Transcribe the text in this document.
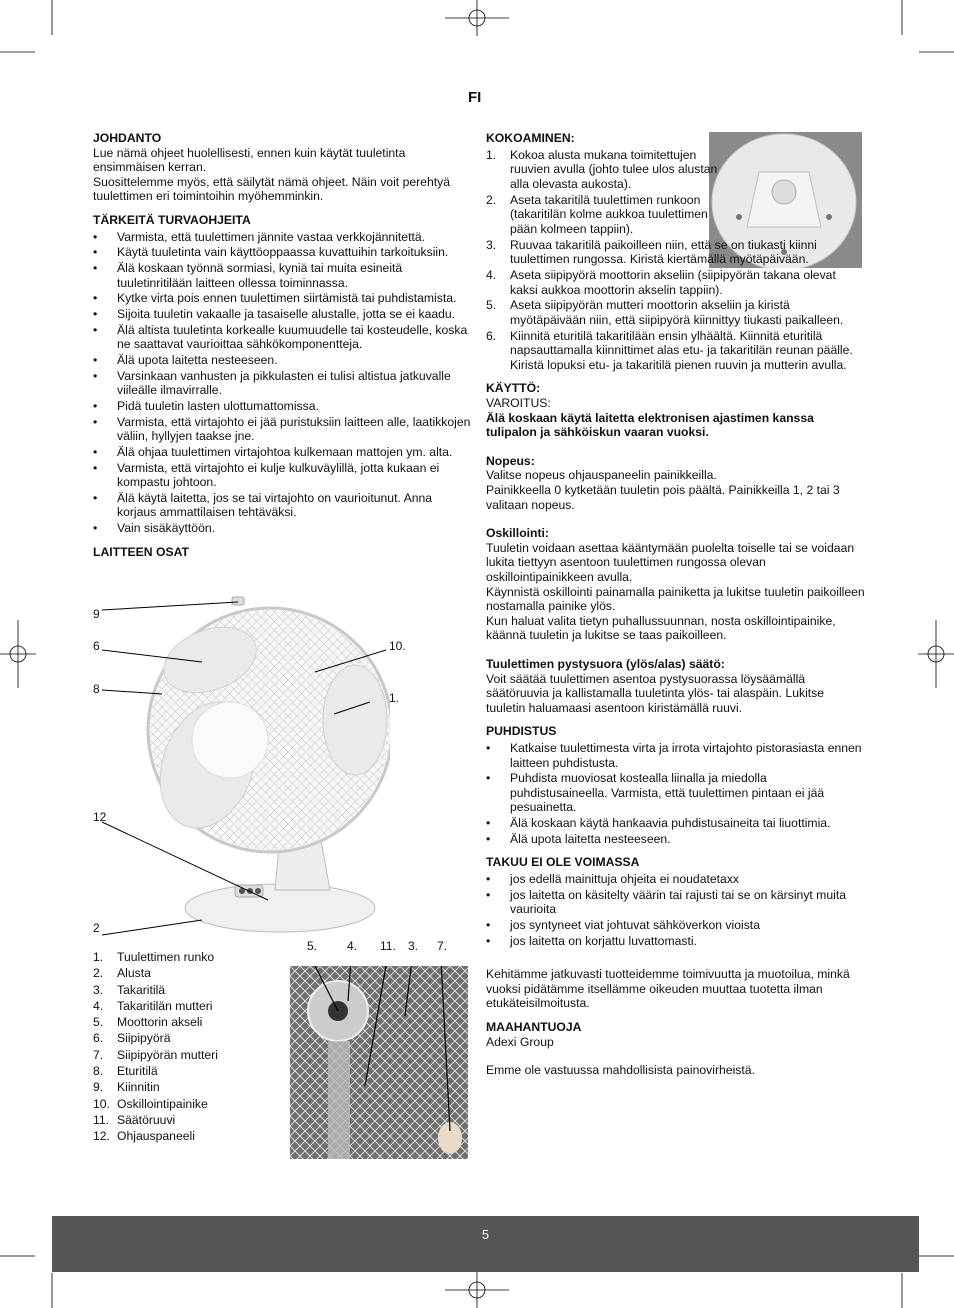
FI
JOHDANTO

Lue nämä ohjeet huolellisesti, ennen kuin käytät tuuletinta ensimmäisen kerran.

Suosittelemme myös, että säilytät nämä ohjeet. Näin voit perehtyä tuulettimen eri toimintoihin myöhemminkin.

TÄRKEITÄ TURVAOHJEITA
• Varmista, että tuulettimen jännite vastaa verkkojännitettä.
• Käytä tuuletinta vain käyttöoppaassa kuvattuihin tarkoituksiin.
• Älä koskaan työnnä sormiasi, kyniä tai muita esineitä tuuletinritilään laitteen ollessa toiminnassa.
• Kytke virta pois ennen tuulettimen siirtämistä tai puhdistamista.
• Sijoita tuuletin vakaalle ja tasaiselle alustalle, jotta se ei kaadu.
• Älä altista tuuletinta korkealle kuumuudelle tai kosteudelle, koska ne saattavat vaurioittaa sähkökomponentteja.
• Älä upota laitetta nesteeseen.
• Varsinkaan vanhusten ja pikkulasten ei tulisi altistua jatkuvalle viileälle ilmavirralle.
• Pidä tuuletin lasten ulottumattomissa.
• Varmista, että virtajohto ei jää puristuksiin laitteen alle, laatikkojen väliin, hyllyjen taakse jne.
• Älä ohjaa tuulettimen virtajohtoa kulkemaan mattojen ym. alta.
• Varmista, että virtajohto ei kulje kulkuväylillä, jotta kukaan ei kompastu johtoon.
• Älä käytä laitetta, jos se tai virtajohto on vaurioitunut. Anna korjaus ammattilaisen tehtäväksi.
• Vain sisäkäyttöön.
LAITTEEN OSAT
9
6
8
10.
1.
12
2
1. Tuulettimen runko
2. Alusta
3. Takaritilä
4. Takaritilän mutteri
5. Moottorin akseli
6. Siipipyörä
7. Siipipyörän mutteri
8. Eturitilä
9. Kiinnitin
10. Oskillointipainike
11. Säätöruuvi
12. Ohjauspaneeli
5. 4. 11. 3. 7.
KOKOAMINEN:
1. Kokoa alusta mukana toimitettujen ruuvien avulla (johto tulee ulos alustan alla olevasta aukosta).
2. Aseta takaritilä tuulettimen runkoon (takaritilän kolme aukkoa tuulettimen pään kolmeen tappiin).
3. Ruuvaa takaritilä paikoilleen niin, että se on tiukasti kiinni tuulettimen rungossa. Kiristä kiertämällä myötäpäivään.
4. Aseta siipipyörä moottorin akseliin (siipipyörän takana olevat kaksi aukkoa moottorin akselin tappiin).
5. Aseta siipipyörän mutteri moottorin akseliin ja kiristä myötäpäivään niin, että siipipyörä kiinnittyy tiukasti paikalleen.
6. Kiinnitä eturitilä takaritilään ensin ylhäältä. Kiinnitä eturitilä napsauttamalla kiinnittimet alas etu- ja takaritilän reunan päälle. Kiristä lopuksi etu- ja takaritilä pienen ruuvin ja mutterin avulla.
KÄYTTÖ:

VAROITUS:

Älä koskaan käytä laitetta elektronisen ajastimen kanssa tulipalon ja sähköiskun vaaran vuoksi.

Nopeus:

Valitse nopeus ohjauspaneelin painikkeilla.

Painikkeella 0 kytketään tuuletin pois päältä. Painikkeilla 1, 2 tai 3 valitaan nopeus.

Oskillointi:

Tuuletin voidaan asettaa kääntymään puolelta toiselle tai se voidaan lukita tiettyyn asentoon tuulettimen rungossa olevan oskillointipainikkeen avulla.

Käynnistä oskillointi painamalla painiketta ja lukitse tuuletin paikoilleen nostamalla painike ylös.

Kun haluat valita tietyn puhallussuunnan, nosta oskillointipainike, käännä tuuletin ja lukitse se taas paikoilleen.

Tuulettimen pystysuora (ylös/alas) säätö:

Voit säätää tuulettimen asentoa pystysuorassa löysäämällä säätöruuvia ja kallistamalla tuuletinta ylös- tai alaspäin. Lukitse tuuletin haluamaasi asentoon kiristämällä ruuvi.

PUHDISTUS
• Katkaise tuulettimesta virta ja irrota virtajohto pistorasiasta ennen laitteen puhdistusta.
• Puhdista muoviosat kostealla liinalla ja miedolla puhdistusaineella. Varmista, että tuulettimen pintaan ei jää pesuainetta.
• Älä koskaan käytä hankaavia puhdistusaineita tai liuottimia.
• Älä upota laitetta nesteeseen.
TAKUU EI OLE VOIMASSA
• jos edellä mainittuja ohjeita ei noudatetaxx
• jos laitetta on käsitelty väärin tai rajusti tai se on kärsinyt muita vaurioita
• jos syntyneet viat johtuvat sähköverkon vioista
• jos laitetta on korjattu luvattomasti.

Kehitämme jatkuvasti tuotteidemme toimivuutta ja muotoilua, minkä vuoksi pidätämme itsellämme oikeuden muuttaa tuotetta ilman etukäteisilmoitusta.

MAAHANTUOJA

Adexi Group

Emme ole vastuussa mahdollisista painovirheistä.

5
